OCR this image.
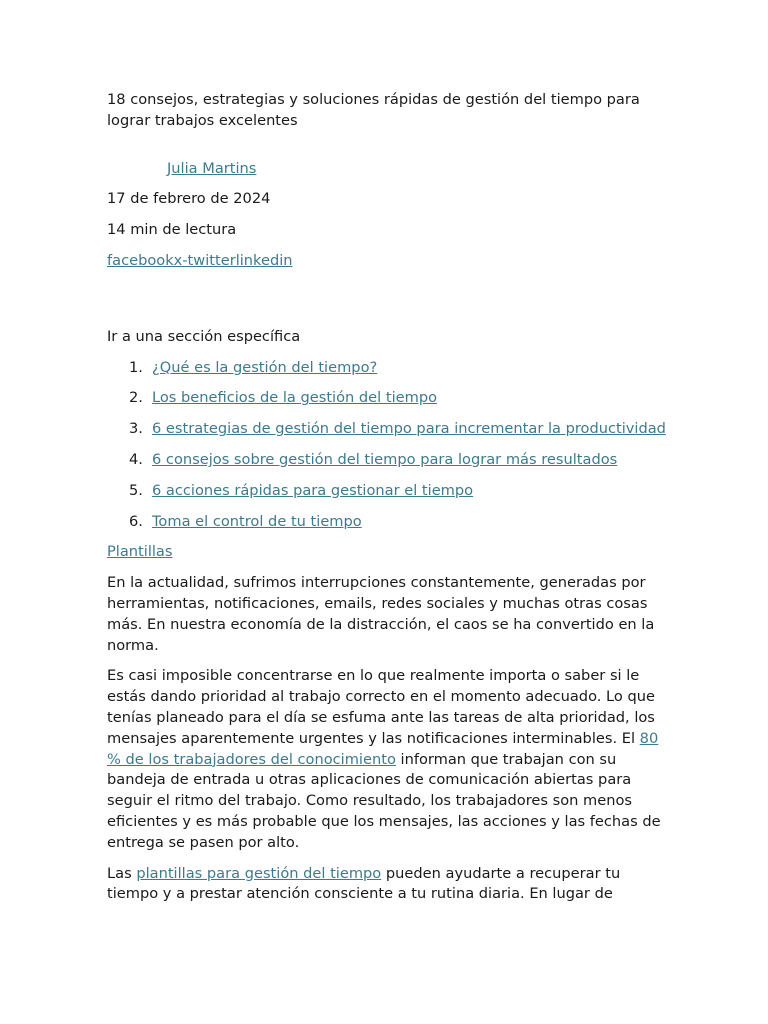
18 consejos, estrategias y soluciones rápidas de gestión del tiempo para lograr trabajos excelentes

Julia Martins

17 de febrero de 2024

14 min de lectura

facebookx-twitterlinkedin

Ir a una sección específica

1. ¿Qué es la gestión del tiempo?
2. Los beneficios de la gestión del tiempo
3. 6 estrategias de gestión del tiempo para incrementar la productividad
4. 6 consejos sobre gestión del tiempo para lograr más resultados
5. 6 acciones rápidas para gestionar el tiempo
6. Toma el control de tu tiempo

Plantillas

En la actualidad, sufrimos interrupciones constantemente, generadas por herramientas, notificaciones, emails, redes sociales y muchas otras cosas más. En nuestra economía de la distracción, el caos se ha convertido en la norma.

Es casi imposible concentrarse en lo que realmente importa o saber si le estás dando prioridad al trabajo correcto en el momento adecuado. Lo que tenías planeado para el día se esfuma ante las tareas de alta prioridad, los mensajes aparentemente urgentes y las notificaciones interminables. El 80 % de los trabajadores del conocimiento informan que trabajan con su bandeja de entrada u otras aplicaciones de comunicación abiertas para seguir el ritmo del trabajo. Como resultado, los trabajadores son menos eficientes y es más probable que los mensajes, las acciones y las fechas de entrega se pasen por alto.

Las plantillas para gestión del tiempo pueden ayudarte a recuperar tu tiempo y a prestar atención consciente a tu rutina diaria. En lugar de
